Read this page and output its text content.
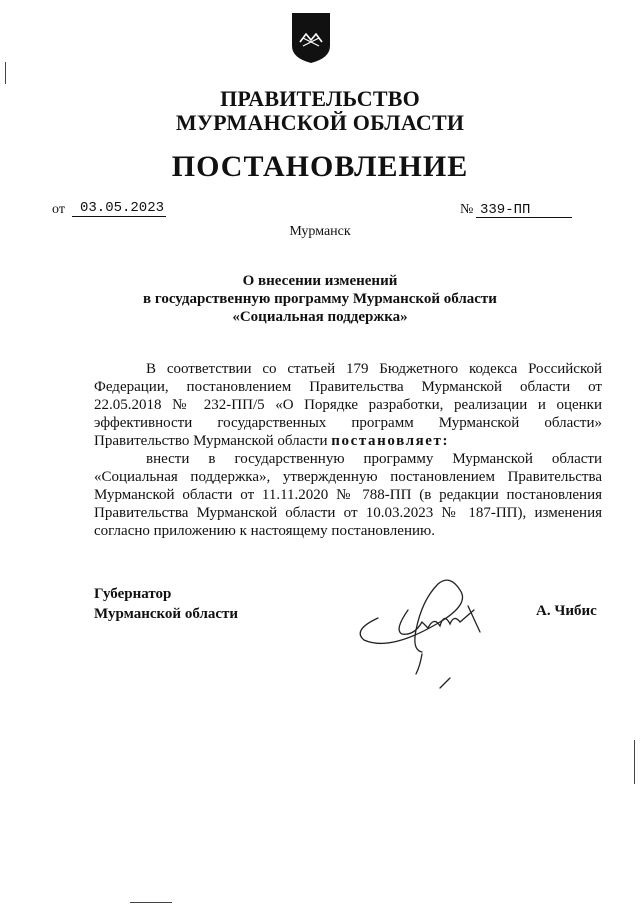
ПРАВИТЕЛЬСТВО
МУРМАНСКОЙ ОБЛАСТИ
ПОСТАНОВЛЕНИЕ
от 03.05.2023	№ 339-ПП
Мурманск
О внесении изменений
в государственную программу Мурманской области
«Социальная поддержка»

В соответствии со статьей 179 Бюджетного кодекса Российской Федерации, постановлением Правительства Мурманской области от 22.05.2018 № 232-ПП/5 «О Порядке разработки, реализации и оценки эффективности государственных программ Мурманской области» Правительство Мурманской области постановляет:

внести в государственную программу Мурманской области «Социальная поддержка», утвержденную постановлением Правительства Мурманской области от 11.11.2020 № 788-ПП (в редакции постановления Правительства Мурманской области от 10.03.2023 № 187-ПП), изменения согласно приложению к настоящему постановлению.

Губернатор
Мурманской области	А. Чибис
